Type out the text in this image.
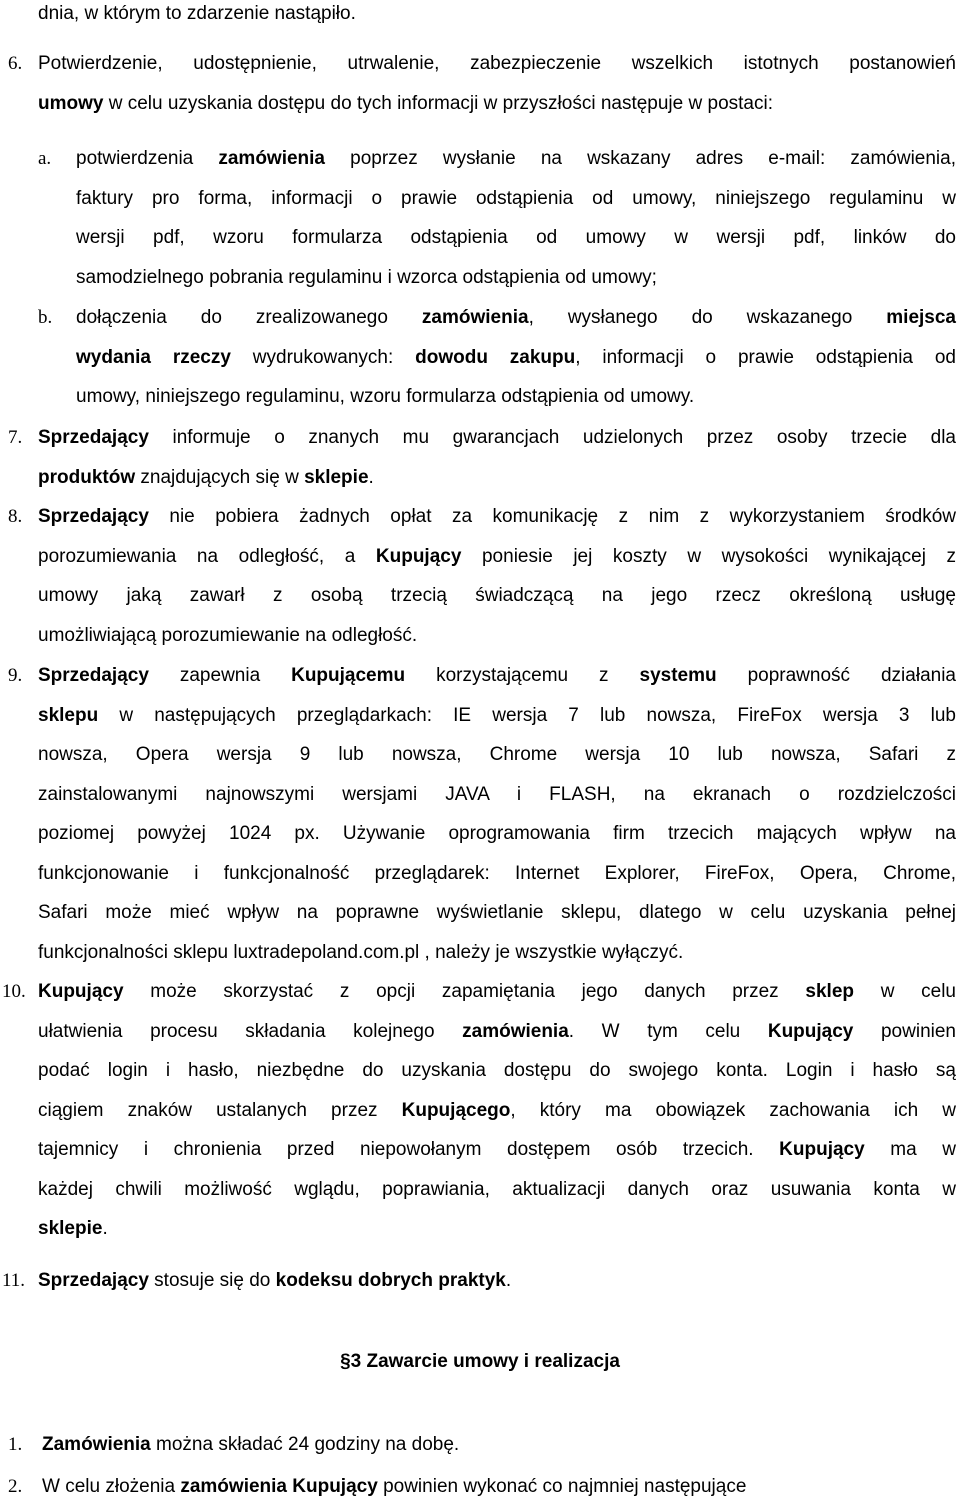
dnia, w którym to zdarzenie nastąpiło.
6. Potwierdzenie, udostępnienie, utrwalenie, zabezpieczenie wszelkich istotnych postanowień
umowy w celu uzyskania dostępu do tych informacji w przyszłości następuje w postaci:
a. potwierdzenia zamówienia poprzez wysłanie na wskazany adres e-mail: zamówienia,
faktury pro forma, informacji o prawie odstąpienia od umowy, niniejszego regulaminu w
wersji pdf, wzoru formularza odstąpienia od umowy w wersji pdf, linków do
samodzielnego pobrania regulaminu i wzorca odstąpienia od umowy;
b. dołączenia do zrealizowanego zamówienia, wysłanego do wskazanego miejsca
wydania rzeczy wydrukowanych: dowodu zakupu, informacji o prawie odstąpienia od
umowy, niniejszego regulaminu, wzoru formularza odstąpienia od umowy.
7. Sprzedający informuje o znanych mu gwarancjach udzielonych przez osoby trzecie dla
produktów znajdujących się w sklepie.
8. Sprzedający nie pobiera żadnych opłat za komunikację z nim z wykorzystaniem środków
porozumiewania na odległość, a Kupujący poniesie jej koszty w wysokości wynikającej z
umowy jaką zawarł z osobą trzecią świadczącą na jego rzecz określoną usługę
umożliwiającą porozumiewanie na odległość.
9. Sprzedający zapewnia Kupującemu korzystającemu z systemu poprawność działania
sklepu w następujących przeglądarkach: IE wersja 7 lub nowsza, FireFox wersja 3 lub
nowsza, Opera wersja 9 lub nowsza, Chrome wersja 10 lub nowsza, Safari z
zainstalowanymi najnowszymi wersjami JAVA i FLASH, na ekranach o rozdzielczości
poziomej powyżej 1024 px. Używanie oprogramowania firm trzecich mających wpływ na
funkcjonowanie i funkcjonalność przeglądarek: Internet Explorer, FireFox, Opera, Chrome,
Safari może mieć wpływ na poprawne wyświetlanie sklepu, dlatego w celu uzyskania pełnej
funkcjonalności sklepu luxtradepoland.com.pl , należy je wszystkie wyłączyć.
10. Kupujący może skorzystać z opcji zapamiętania jego danych przez sklep w celu
ułatwienia procesu składania kolejnego zamówienia. W tym celu Kupujący powinien
podać login i hasło, niezbędne do uzyskania dostępu do swojego konta. Login i hasło są
ciągiem znaków ustalanych przez Kupującego, który ma obowiązek zachowania ich w
tajemnicy i chronienia przed niepowołanym dostępem osób trzecich. Kupujący ma w
każdej chwili możliwość wglądu, poprawiania, aktualizacji danych oraz usuwania konta w
sklepie.
11. Sprzedający stosuje się do kodeksu dobrych praktyk.
§3 Zawarcie umowy i realizacja
1. Zamówienia można składać 24 godziny na dobę.
2. W celu złożenia zamówienia Kupujący powinien wykonać co najmniej następujące
